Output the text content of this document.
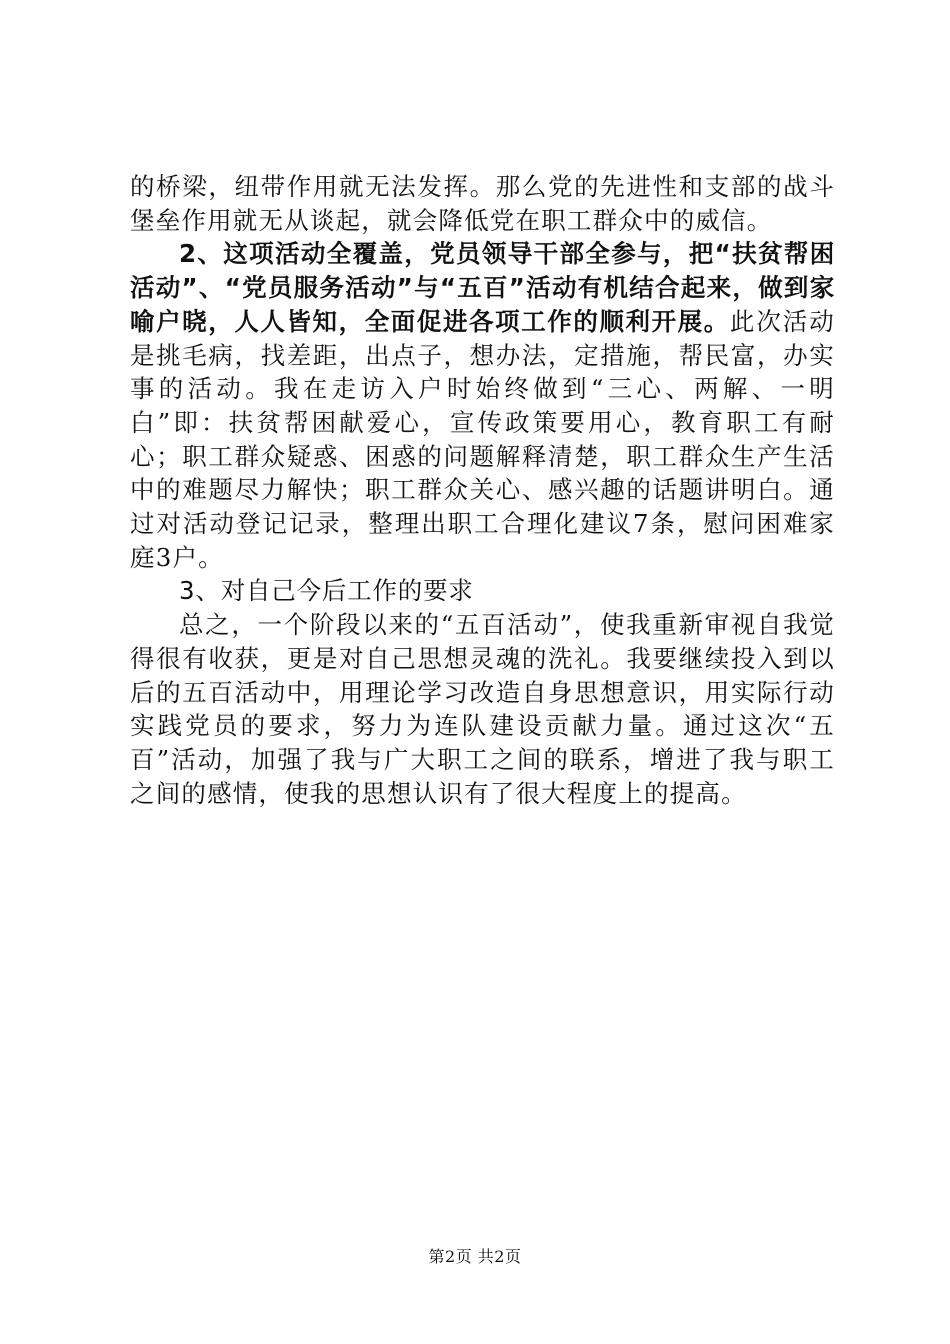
的桥梁，纽带作用就无法发挥。那么党的先进性和支部的战斗堡垒作用就无从谈起，就会降低党在职工群众中的威信。

2、这项活动全覆盖，党员领导干部全参与，把“扶贫帮困活动”、“党员服务活动”与“五百”活动有机结合起来，做到家喻户晓，人人皆知，全面促进各项工作的顺利开展。此次活动是挑毛病，找差距，出点子，想办法，定措施，帮民富，办实事的活动。我在走访入户时始终做到“三心、两解、一明白”即：扶贫帮困献爱心，宣传政策要用心，教育职工有耐心；职工群众疑惑、困惑的问题解释清楚，职工群众生产生活中的难题尽力解快；职工群众关心、感兴趣的话题讲明白。通过对活动登记记录，整理出职工合理化建议7条，慰问困难家庭3户。

3、对自己今后工作的要求

总之，一个阶段以来的“五百活动”，使我重新审视自我觉得很有收获，更是对自己思想灵魂的洗礼。我要继续投入到以后的五百活动中，用理论学习改造自身思想意识，用实际行动实践党员的要求，努力为连队建设贡献力量。通过这次“五百”活动，加强了我与广大职工之间的联系，增进了我与职工之间的感情，使我的思想认识有了很大程度上的提高。

第2页 共2页
